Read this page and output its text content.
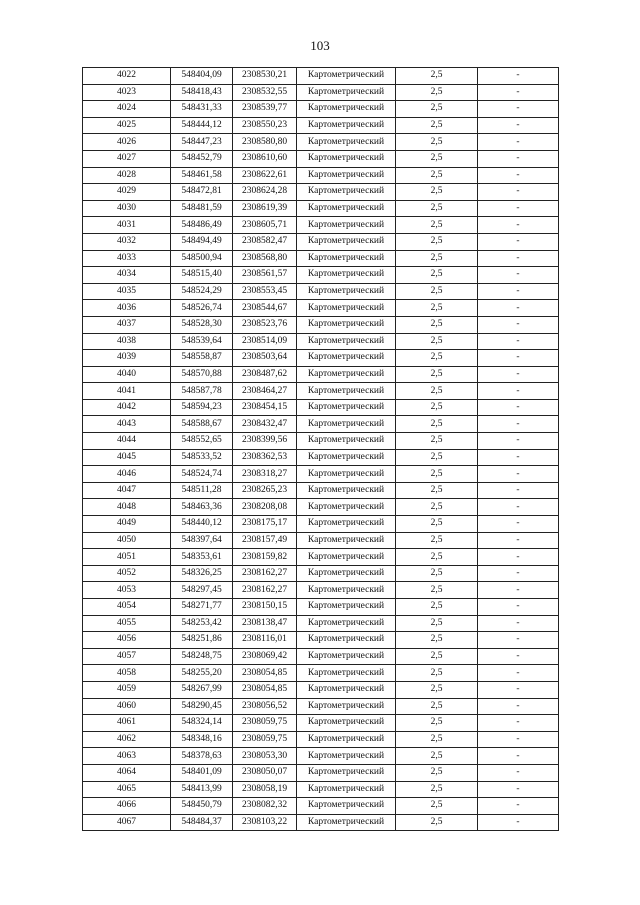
103
4022	548404,09	2308530,21	Картометрический	2,5	-
4023	548418,43	2308532,55	Картометрический	2,5	-
4024	548431,33	2308539,77	Картометрический	2,5	-
4025	548444,12	2308550,23	Картометрический	2,5	-
4026	548447,23	2308580,80	Картометрический	2,5	-
4027	548452,79	2308610,60	Картометрический	2,5	-
4028	548461,58	2308622,61	Картометрический	2,5	-
4029	548472,81	2308624,28	Картометрический	2,5	-
4030	548481,59	2308619,39	Картометрический	2,5	-
4031	548486,49	2308605,71	Картометрический	2,5	-
4032	548494,49	2308582,47	Картометрический	2,5	-
4033	548500,94	2308568,80	Картометрический	2,5	-
4034	548515,40	2308561,57	Картометрический	2,5	-
4035	548524,29	2308553,45	Картометрический	2,5	-
4036	548526,74	2308544,67	Картометрический	2,5	-
4037	548528,30	2308523,76	Картометрический	2,5	-
4038	548539,64	2308514,09	Картометрический	2,5	-
4039	548558,87	2308503,64	Картометрический	2,5	-
4040	548570,88	2308487,62	Картометрический	2,5	-
4041	548587,78	2308464,27	Картометрический	2,5	-
4042	548594,23	2308454,15	Картометрический	2,5	-
4043	548588,67	2308432,47	Картометрический	2,5	-
4044	548552,65	2308399,56	Картометрический	2,5	-
4045	548533,52	2308362,53	Картометрический	2,5	-
4046	548524,74	2308318,27	Картометрический	2,5	-
4047	548511,28	2308265,23	Картометрический	2,5	-
4048	548463,36	2308208,08	Картометрический	2,5	-
4049	548440,12	2308175,17	Картометрический	2,5	-
4050	548397,64	2308157,49	Картометрический	2,5	-
4051	548353,61	2308159,82	Картометрический	2,5	-
4052	548326,25	2308162,27	Картометрический	2,5	-
4053	548297,45	2308162,27	Картометрический	2,5	-
4054	548271,77	2308150,15	Картометрический	2,5	-
4055	548253,42	2308138,47	Картометрический	2,5	-
4056	548251,86	2308116,01	Картометрический	2,5	-
4057	548248,75	2308069,42	Картометрический	2,5	-
4058	548255,20	2308054,85	Картометрический	2,5	-
4059	548267,99	2308054,85	Картометрический	2,5	-
4060	548290,45	2308056,52	Картометрический	2,5	-
4061	548324,14	2308059,75	Картометрический	2,5	-
4062	548348,16	2308059,75	Картометрический	2,5	-
4063	548378,63	2308053,30	Картометрический	2,5	-
4064	548401,09	2308050,07	Картометрический	2,5	-
4065	548413,99	2308058,19	Картометрический	2,5	-
4066	548450,79	2308082,32	Картометрический	2,5	-
4067	548484,37	2308103,22	Картометрический	2,5	-
